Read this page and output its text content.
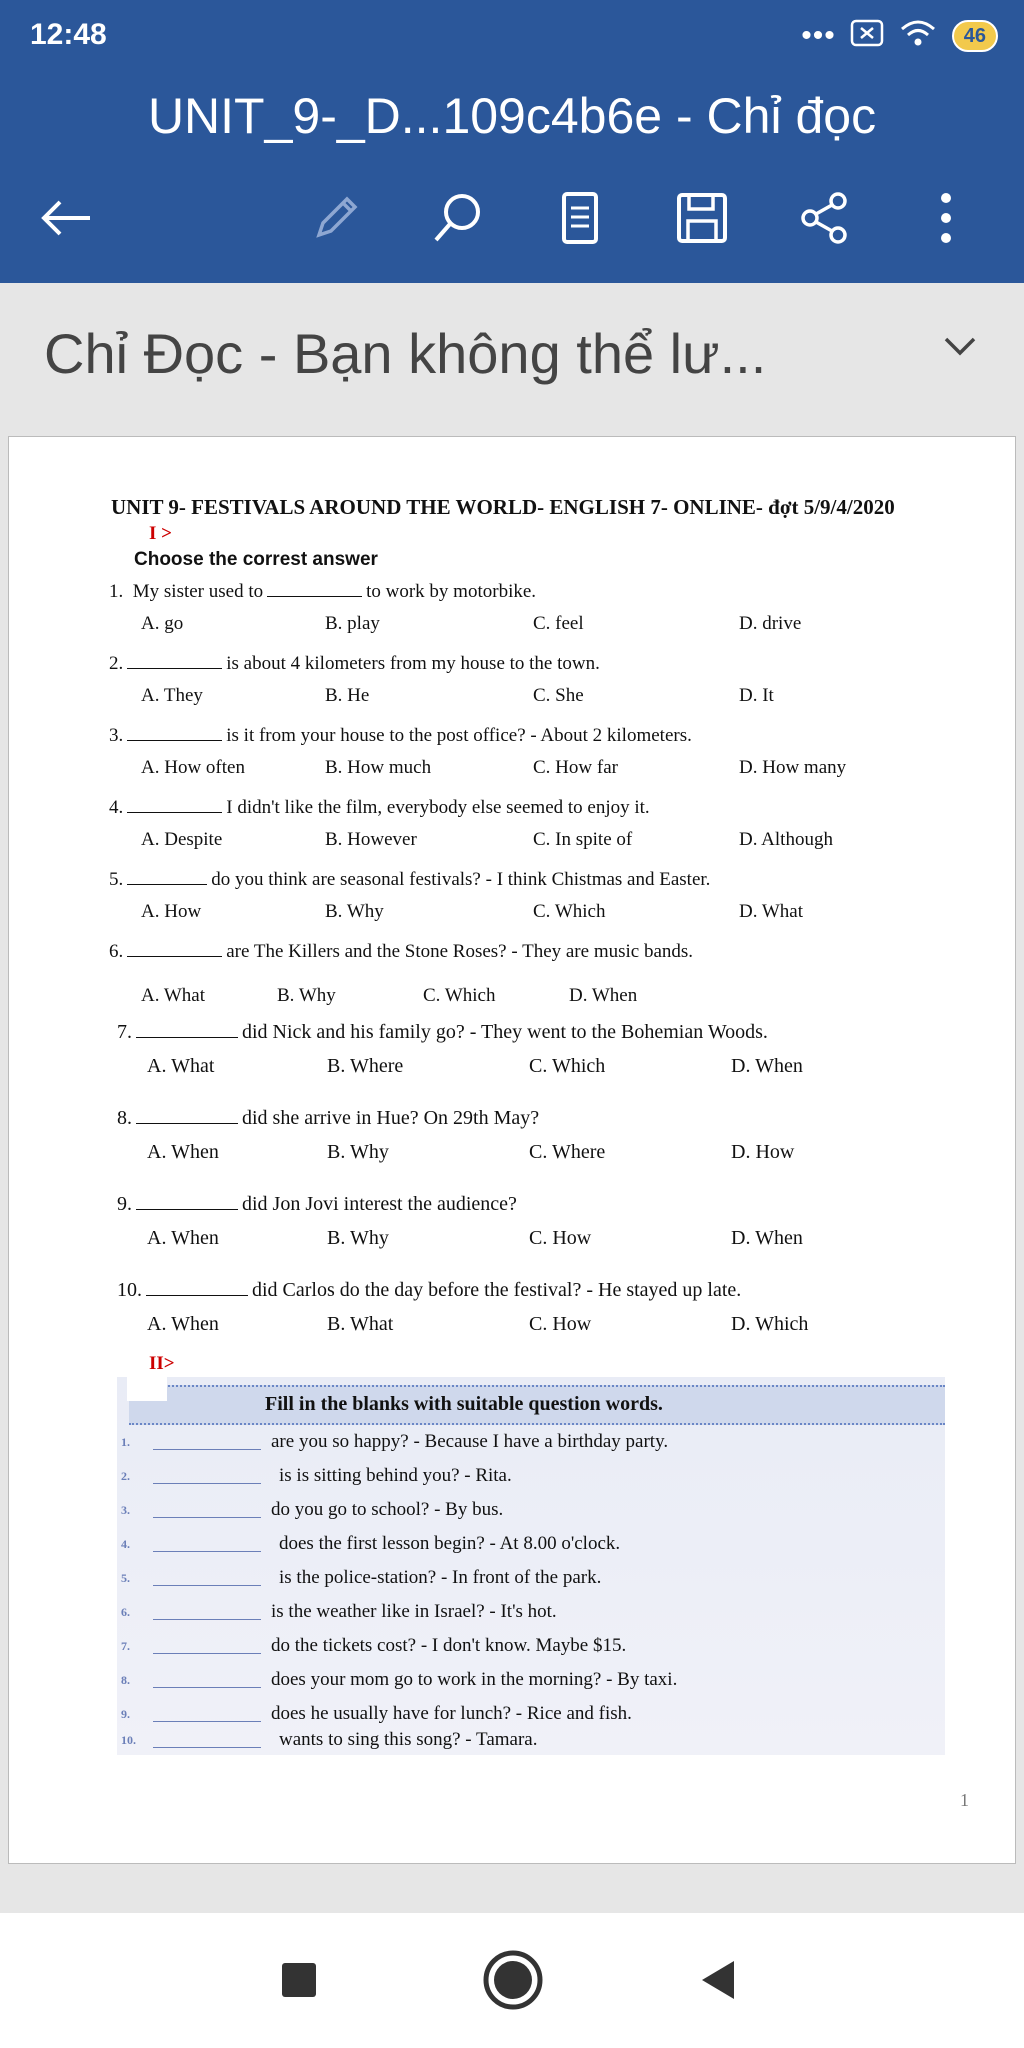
12:48	•••	46
UNIT_9-_D...109c4b6e - Chỉ đọc
Chỉ Đọc - Bạn không thể lư...
UNIT 9- FESTIVALS AROUND THE WORLD- ENGLISH 7- ONLINE- đợt 5/9/4/2020
I >
Choose the correst answer
1. My sister used to	to work by motorbike.
A. go	B. play	C. feel	D. drive
2.	is about 4 kilometers from my house to the town.
A. They	B. He	C. She	D. It
3.	is it from your house to the post office? - About 2 kilometers.
A. How often	B. How much	C. How far	D. How many
4.	I didn't like the film, everybody else seemed to enjoy it.
A. Despite	B. However	C. In spite of	D. Although
5.	do you think are seasonal festivals? - I think Chistmas and Easter.
A. How	B. Why	C. Which	D. What
6.	are The Killers and the Stone Roses? - They are music bands.
A. What	B. Why	C. Which	D. When
7.	did Nick and his family go? - They went to the Bohemian Woods.
A. What	B. Where	C. Which	D. When
8.	did she arrive in Hue? On 29th May?
A. When	B. Why	C. Where	D. How
9.	did Jon Jovi interest the audience?
A. When	B. Why	C. How	D. When
10.	did Carlos do the day before the festival? - He stayed up late.
A. When	B. What	C. How	D. Which
II>
Fill in the blanks with suitable question words.
1.	are you so happy? - Because I have a birthday party.
2.	is is sitting behind you? - Rita.
3.	do you go to school? - By bus.
4.	does the first lesson begin? - At 8.00 o'clock.
5.	is the police-station? - In front of the park.
6.	is the weather like in Israel? - It's hot.
7.	do the tickets cost? - I don't know. Maybe $15.
8.	does your mom go to work in the morning? - By taxi.
9.	does he usually have for lunch? - Rice and fish.
10.	wants to sing this song? - Tamara.
1
